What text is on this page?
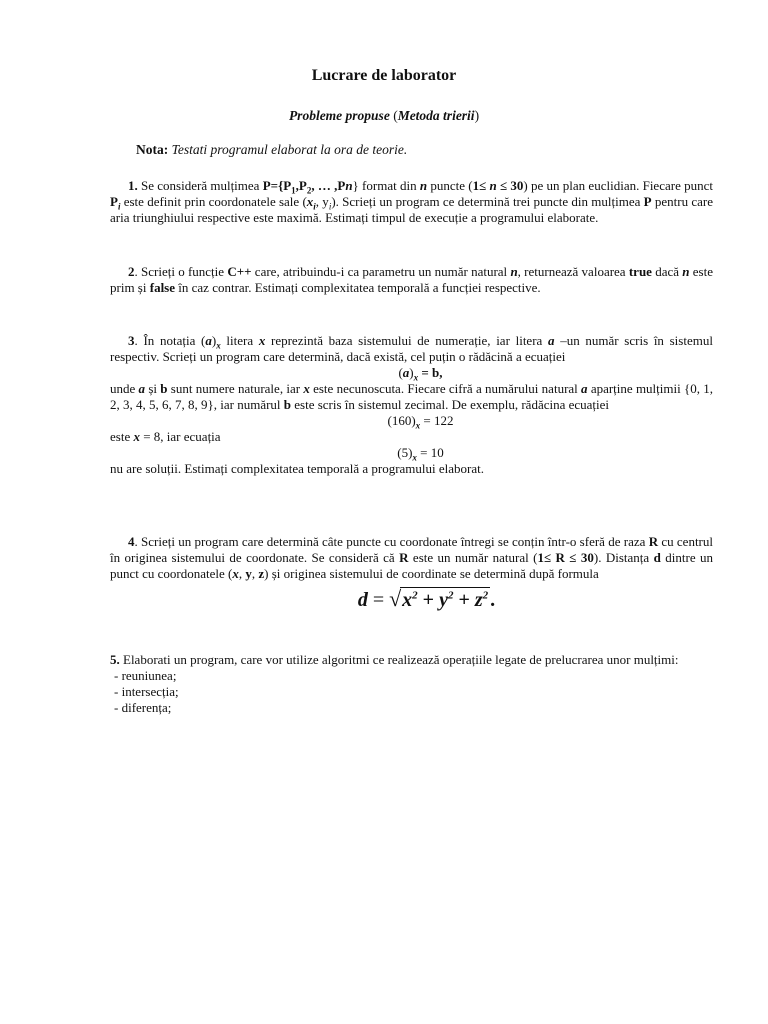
Lucrare de laborator
Probleme propuse (Metoda trierii)
Nota: Testati programul elaborat la ora de teorie.
1. Se consideră mulțimea $P=\{P_1,P_2$, … ,Pn} format din n puncte (1≤ n ≤ 30) pe un plan euclidian. Fiecare punct $P_i$ este definit prin coordonatele sale ($x_i$, $y_i$). Scrieți un program ce determină trei puncte din mulțimea P pentru care aria triunghiului respective este maximă. Estimați timpul de execuție a programului elaborate.
2. Scrieți o funcție C++ care, atribuindu-i ca parametru un număr natural n, returnează valoarea true dacă n este prim și false în caz contrar. Estimați complexitatea temporală a funcției respective.
3. În notația $(a)_x$ litera x reprezintă baza sistemului de numerație, iar litera a –un număr scris în sistemul respectiv. Scrieți un program care determină, dacă există, cel puțin o rădăcină a ecuației
$(a)_x = b$,
unde a și b sunt numere naturale, iar x este necunoscuta. Fiecare cifră a numărului natural a aparține mulțimii {0, 1, 2, 3, 4, 5, 6, 7, 8, 9}, iar numărul b este scris în sistemul zecimal. De exemplu, rădăcina ecuației
$(160)_x = 122$
este x = 8, iar ecuația
$(5)_x = 10$
nu are soluții. Estimați complexitatea temporală a programului elaborat.
4. Scrieți un program care determină câte puncte cu coordonate întregi se conțin într-o sferă de raza R cu centrul în originea sistemului de coordonate. Se consideră că R este un număr natural (1≤ R ≤ 30). Distanța d dintre un punct cu coordonatele (x, y, z) și originea sistemului de coordinate se determină după formula
$d = √x^2 + y^2 + z^2$ .
5. Elaborati un program, care vor utilize algoritmi ce realizează operațiile legate de prelucrarea unor mulțimi:
- reuniunea;
- intersecția;
- diferența;
